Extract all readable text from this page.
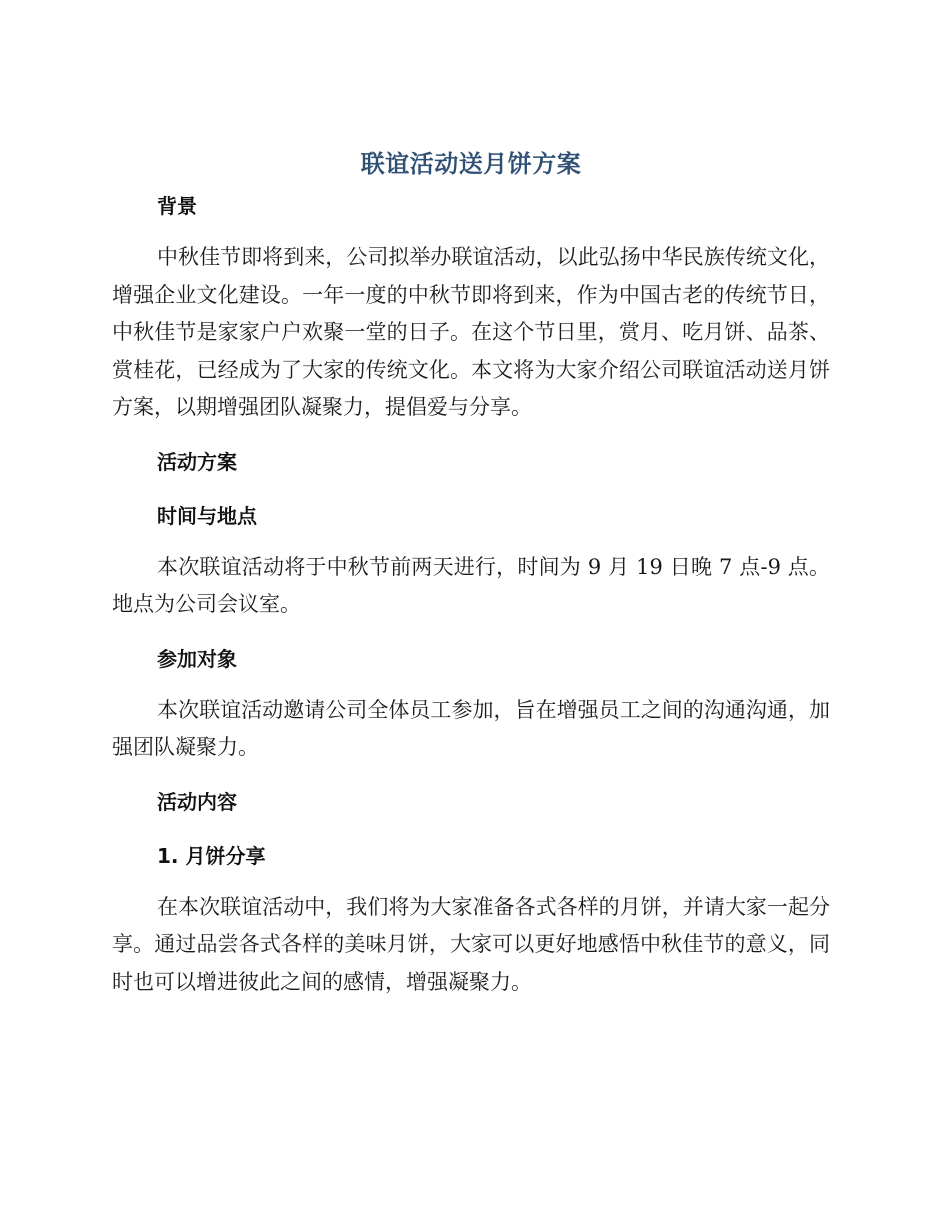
联谊活动送月饼方案
背景

中秋佳节即将到来，公司拟举办联谊活动，以此弘扬中华民族传统文化，增强企业文化建设。一年一度的中秋节即将到来，作为中国古老的传统节日，中秋佳节是家家户户欢聚一堂的日子。在这个节日里，赏月、吃月饼、品茶、赏桂花，已经成为了大家的传统文化。本文将为大家介绍公司联谊活动送月饼方案，以期增强团队凝聚力，提倡爱与分享。

活动方案
时间与地点

本次联谊活动将于中秋节前两天进行，时间为 9 月 19 日晚 7 点-9 点。地点为公司会议室。

参加对象

本次联谊活动邀请公司全体员工参加，旨在增强员工之间的沟通沟通，加强团队凝聚力。

活动内容
1. 月饼分享

在本次联谊活动中，我们将为大家准备各式各样的月饼，并请大家一起分享。通过品尝各式各样的美味月饼，大家可以更好地感悟中秋佳节的意义，同时也可以增进彼此之间的感情，增强凝聚力。
